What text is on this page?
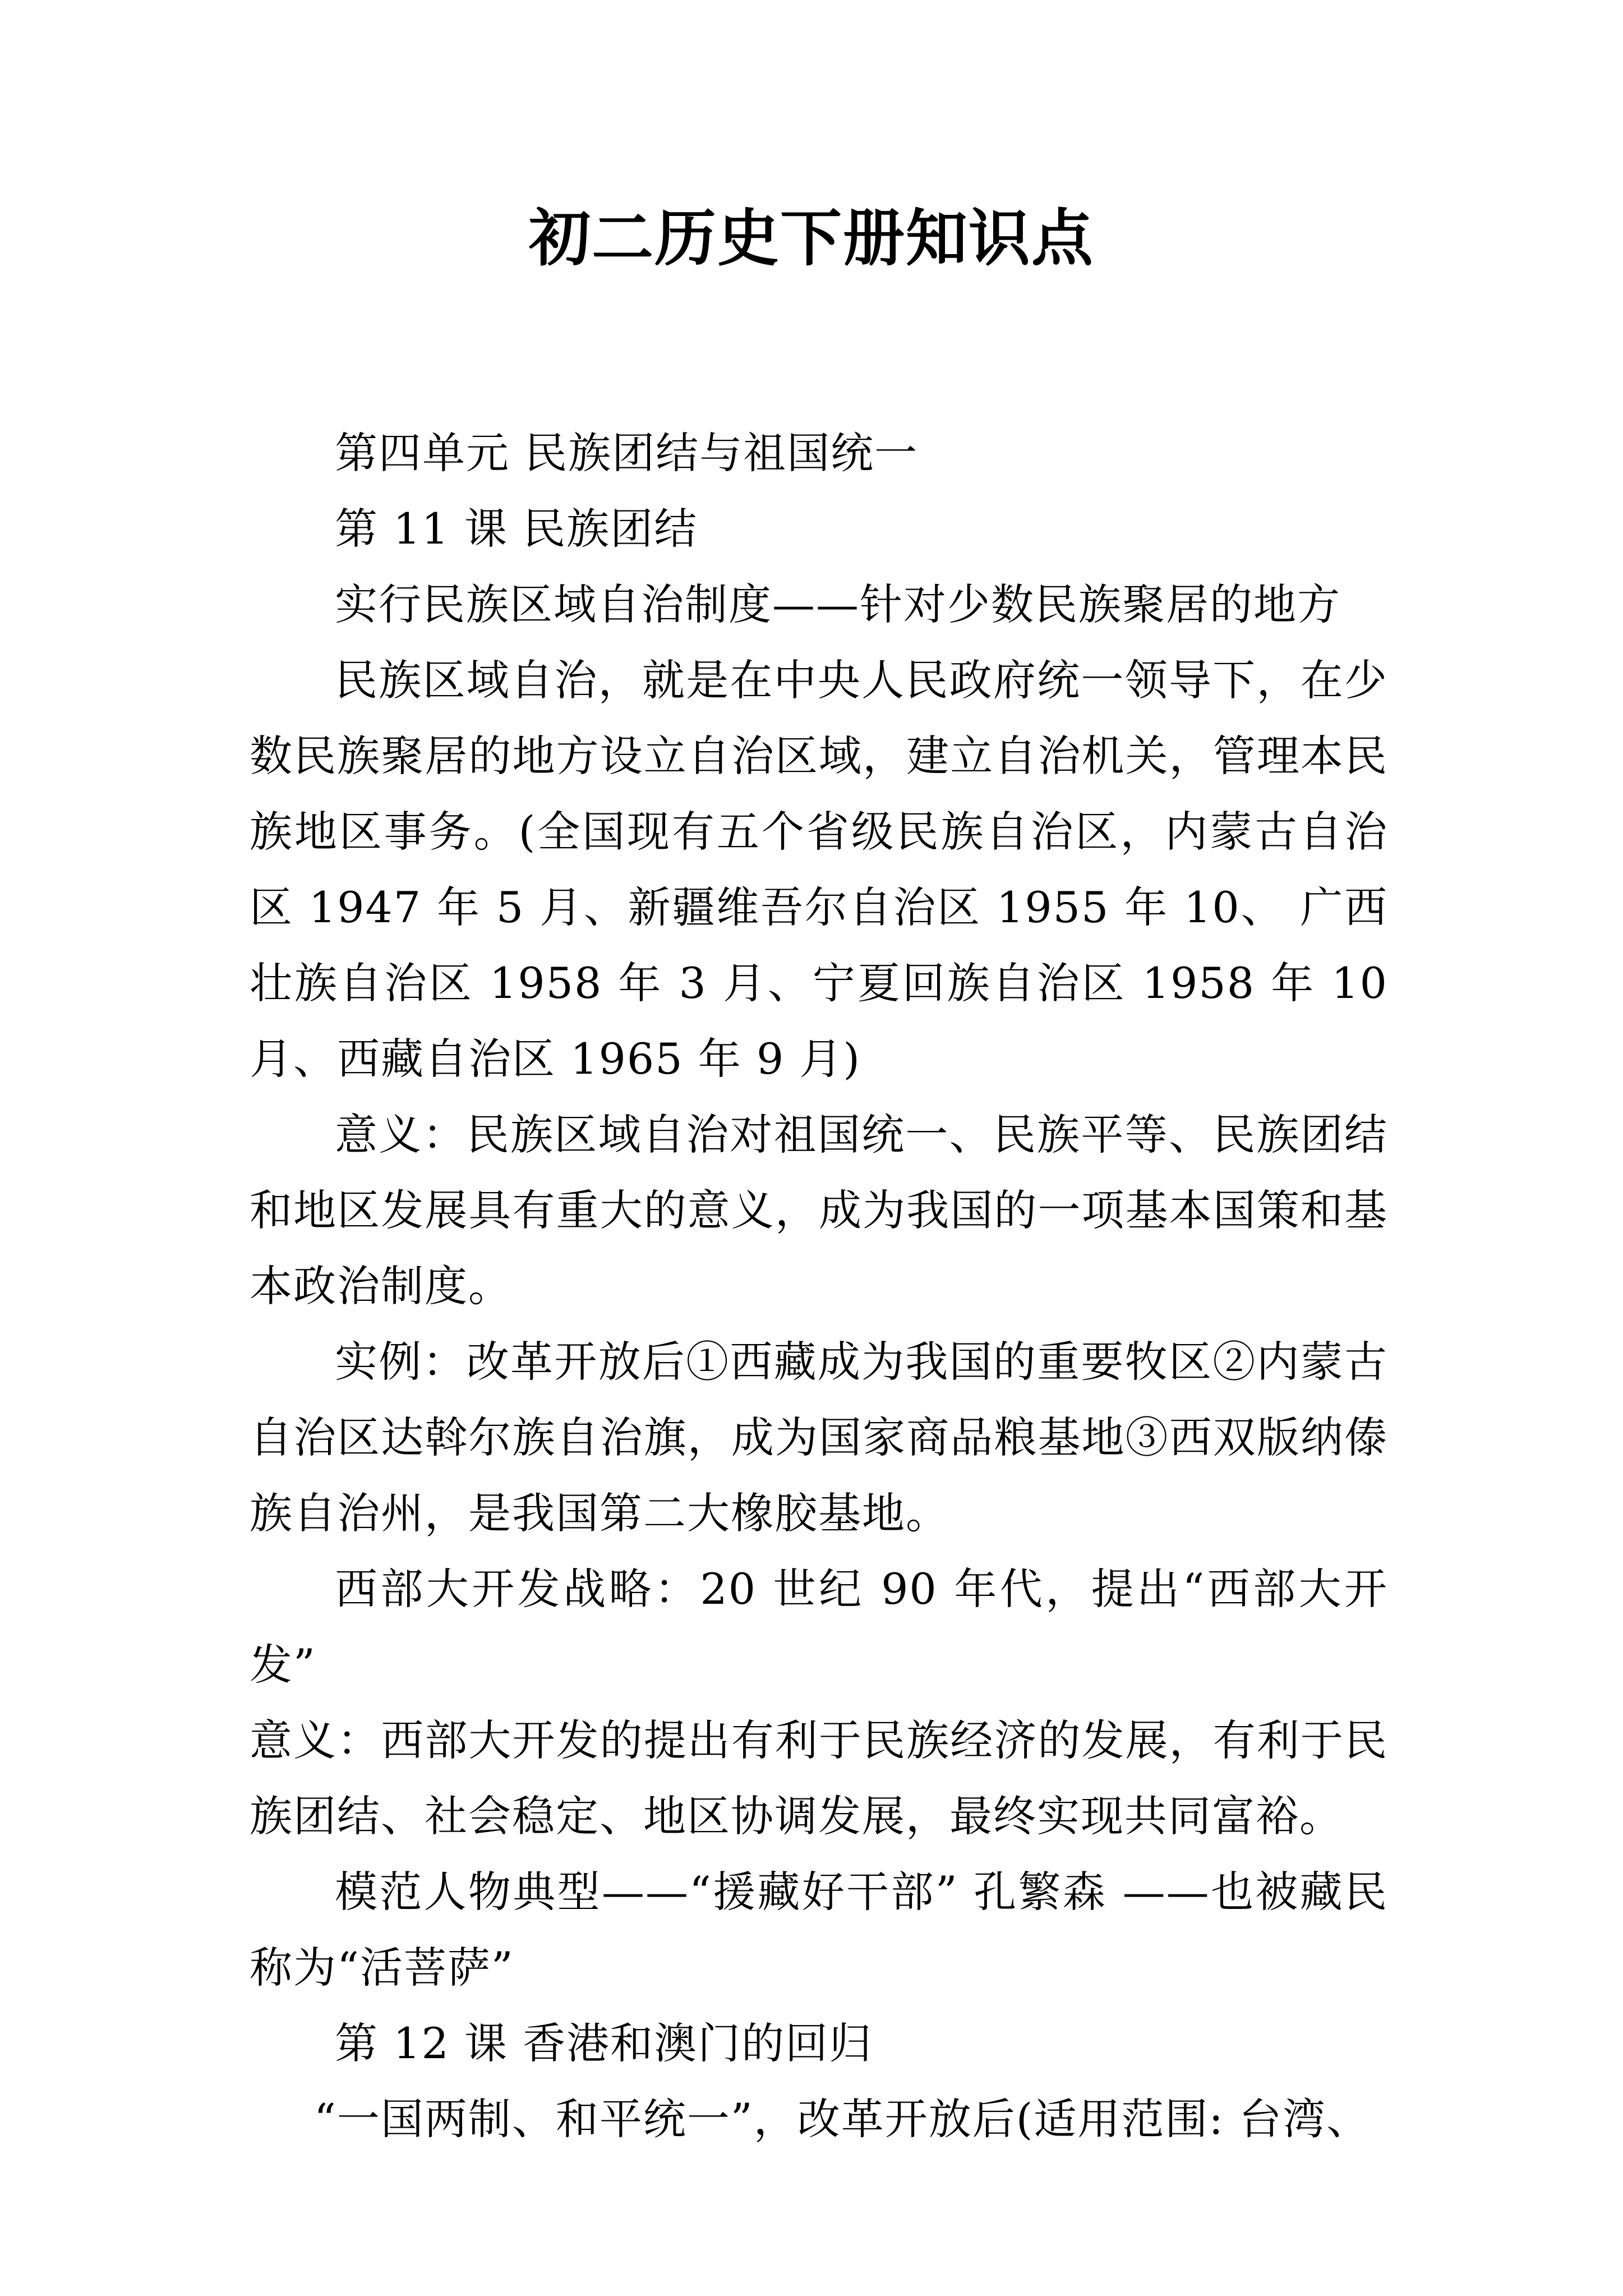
初二历史下册知识点

第四单元 民族团结与祖国统一

第 11 课 民族团结

实行民族区域自治制度——针对少数民族聚居的地方

民族区域自治，就是在中央人民政府统一领导下，在少数民族聚居的地方设立自治区域，建立自治机关，管理本民族地区事务。(全国现有五个省级民族自治区，内蒙古自治区 1947 年 5 月、新疆维吾尔自治区 1955 年 10、 广西壮族自治区 1958 年 3 月、宁夏回族自治区 1958 年 10 月、西藏自治区 1965 年 9 月)

意义：民族区域自治对祖国统一、民族平等、民族团结和地区发展具有重大的意义，成为我国的一项基本国策和基本政治制度。

实例：改革开放后①西藏成为我国的重要牧区②内蒙古自治区达斡尔族自治旗，成为国家商品粮基地③西双版纳傣族自治州，是我国第二大橡胶基地。

西部大开发战略：20 世纪 90 年代，提出“西部大开发”

意义：西部大开发的提出有利于民族经济的发展，有利于民族团结、社会稳定、地区协调发展，最终实现共同富裕。

模范人物典型——“援藏好干部” 孔繁森 ——也被藏民称为“活菩萨”

第 12 课 香港和澳门的回归

“一国两制、和平统一”，改革开放后(适用范围: 台湾、
